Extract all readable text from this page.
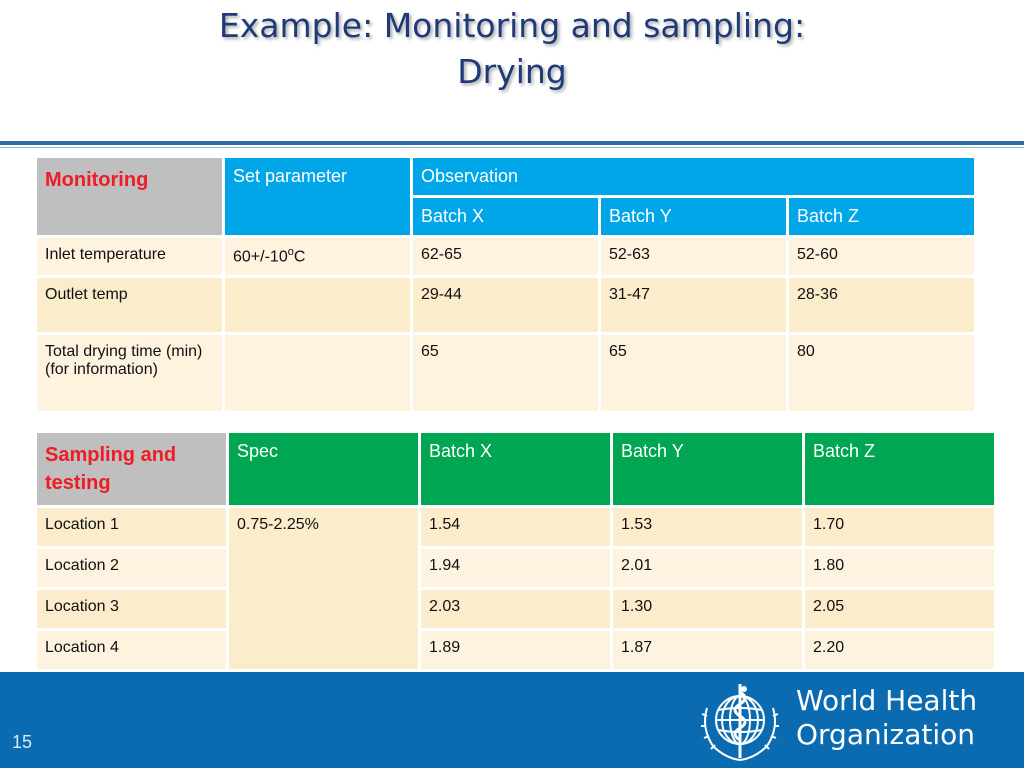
Example: Monitoring and sampling:
Drying
Monitoring	Set parameter	Observation		
		Batch X	Batch Y	Batch Z
Inlet temperature	$60+/-10^oC$	62-65	52-63	52-60
Outlet temp		29-44	31-47	28-36
Total drying time (min) (for information)		65	65	80
Sampling and testing	Spec	Batch X	Batch Y	Batch Z
Location 1	0.75-2.25%	1.54	1.53	1.70
Location 2		1.94	2.01	1.80
Location 3		2.03	1.30	2.05
Location 4		1.89	1.87	2.20
15
World Health
Organization
